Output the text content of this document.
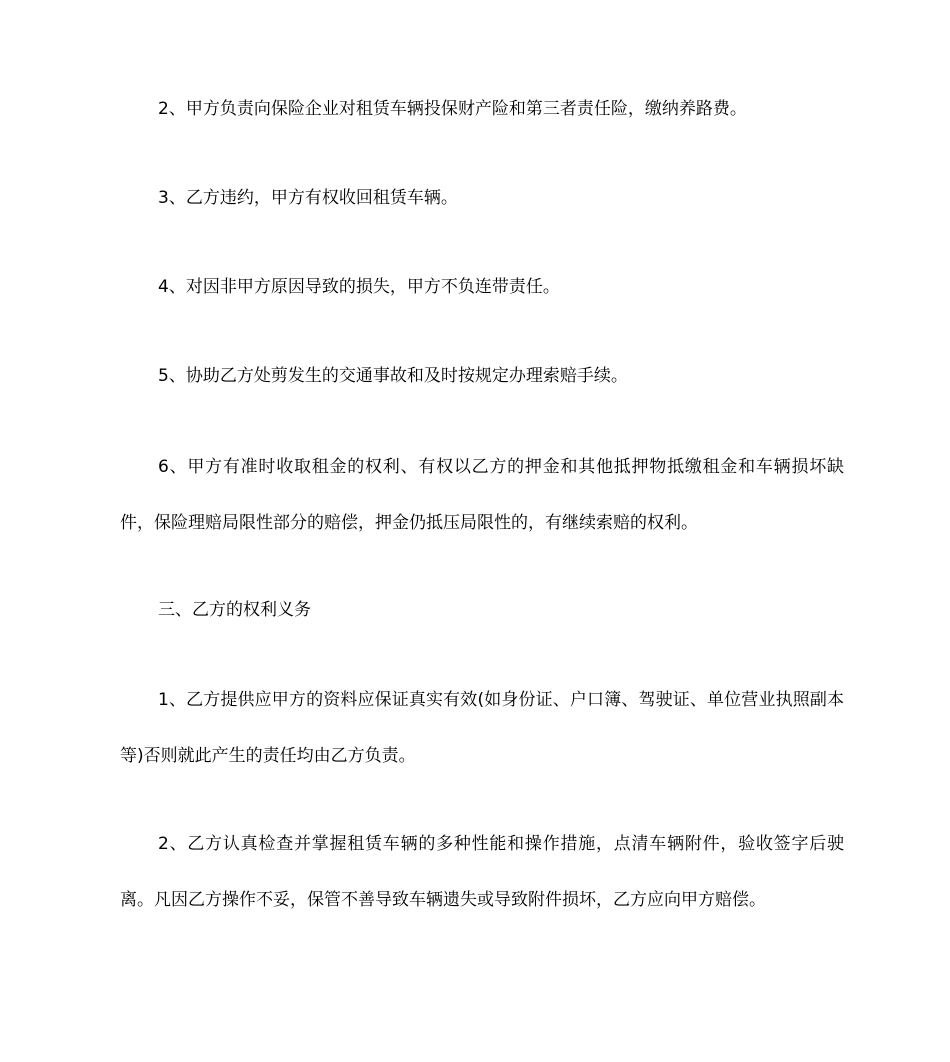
2、甲方负责向保险企业对租赁车辆投保财产险和第三者责任险，缴纳养路费。

3、乙方违约，甲方有权收回租赁车辆。

4、对因非甲方原因导致的损失，甲方不负连带责任。

5、协助乙方处剪发生的交通事故和及时按规定办理索赔手续。

6、甲方有准时收取租金的权利、有权以乙方的押金和其他抵押物抵缴租金和车辆损坏缺件，保险理赔局限性部分的赔偿，押金仍抵压局限性的，有继续索赔的权利。

三、乙方的权利义务

1、乙方提供应甲方的资料应保证真实有效(如身份证、户口簿、驾驶证、单位营业执照副本等)否则就此产生的责任均由乙方负责。

2、乙方认真检查并掌握租赁车辆的多种性能和操作措施，点清车辆附件，验收签字后驶离。凡因乙方操作不妥，保管不善导致车辆遗失或导致附件损坏，乙方应向甲方赔偿。
